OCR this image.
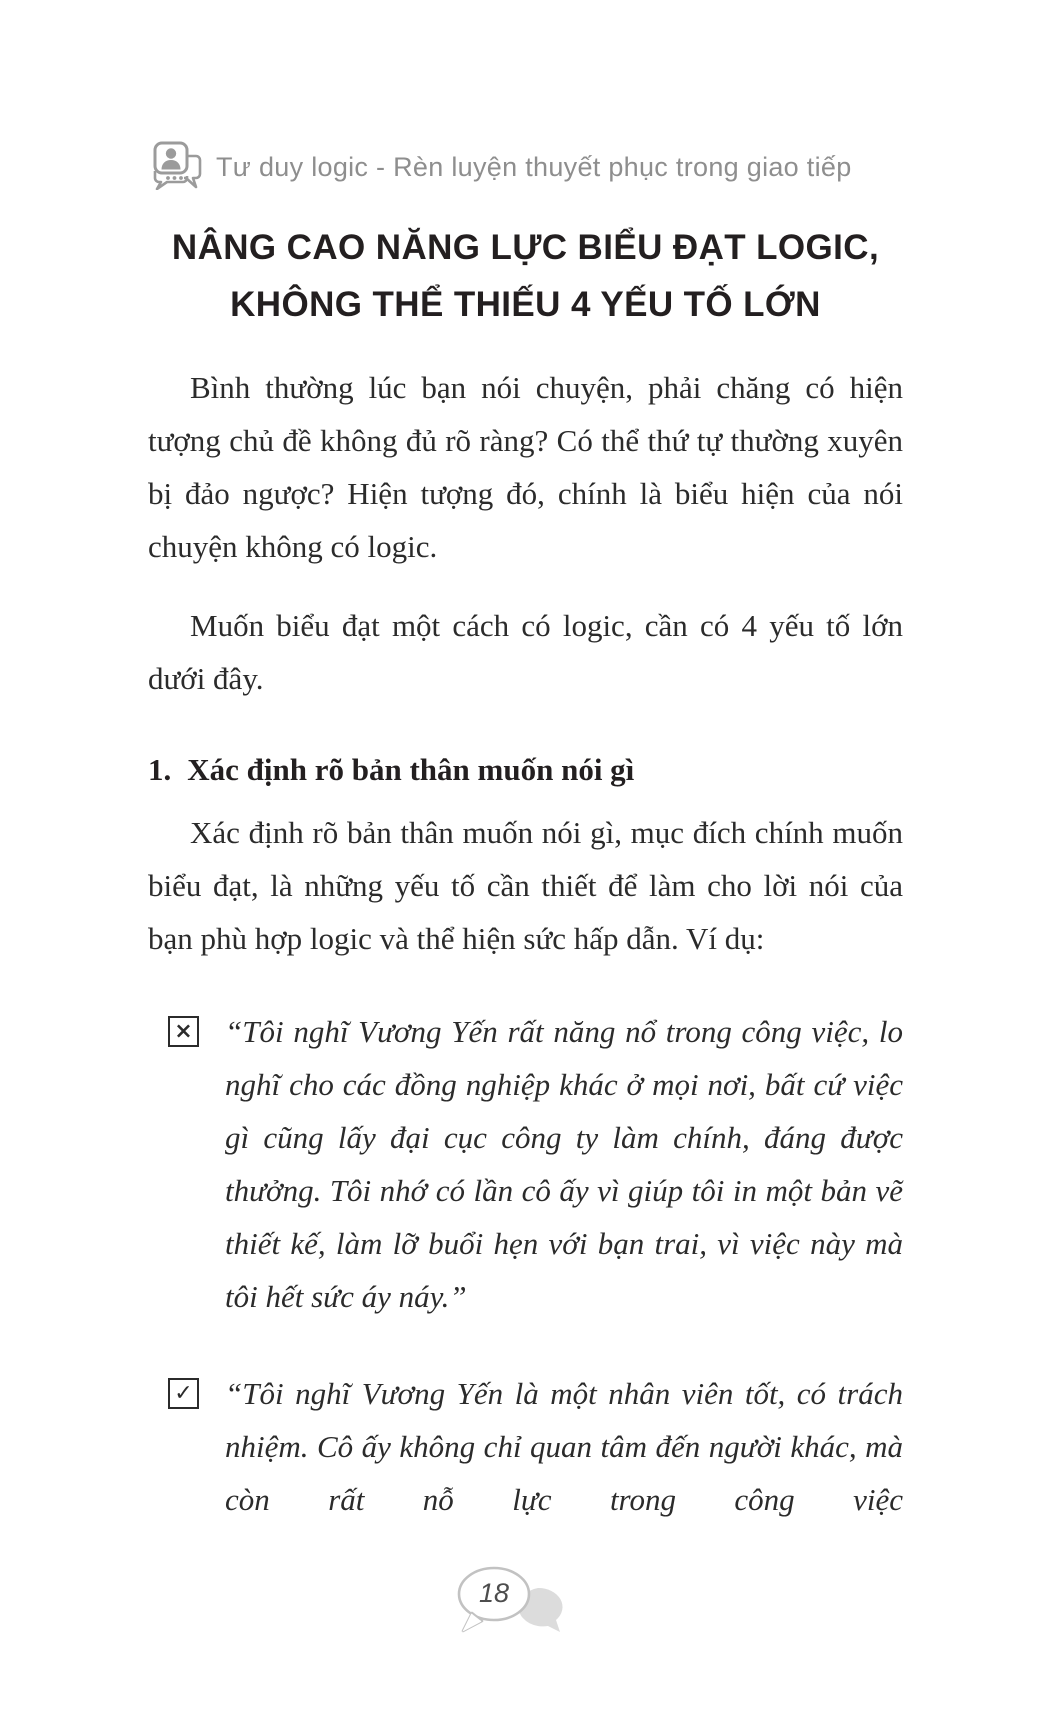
Tư duy logic - Rèn luyện thuyết phục trong giao tiếp
NÂNG CAO NĂNG LỰC BIỂU ĐẠT LOGIC,
KHÔNG THỂ THIẾU 4 YẾU TỐ LỚN

Bình thường lúc bạn nói chuyện, phải chăng có hiện tượng chủ đề không đủ rõ ràng? Có thể thứ tự thường xuyên bị đảo ngược? Hiện tượng đó, chính là biểu hiện của nói chuyện không có logic.

Muốn biểu đạt một cách có logic, cần có 4 yếu tố lớn dưới đây.

1. Xác định rõ bản thân muốn nói gì

Xác định rõ bản thân muốn nói gì, mục đích chính muốn biểu đạt, là những yếu tố cần thiết để làm cho lời nói của bạn phù hợp logic và thể hiện sức hấp dẫn. Ví dụ:

× “Tôi nghĩ Vương Yến rất năng nổ trong công việc, lo nghĩ cho các đồng nghiệp khác ở mọi nơi, bất cứ việc gì cũng lấy đại cục công ty làm chính, đáng được thưởng. Tôi nhớ có lần cô ấy vì giúp tôi in một bản vẽ thiết kế, làm lỡ buổi hẹn với bạn trai, vì việc này mà tôi hết sức áy náy.”

✓ “Tôi nghĩ Vương Yến là một nhân viên tốt, có trách nhiệm. Cô ấy không chỉ quan tâm đến người khác, mà còn rất nỗ lực trong công việc

18
